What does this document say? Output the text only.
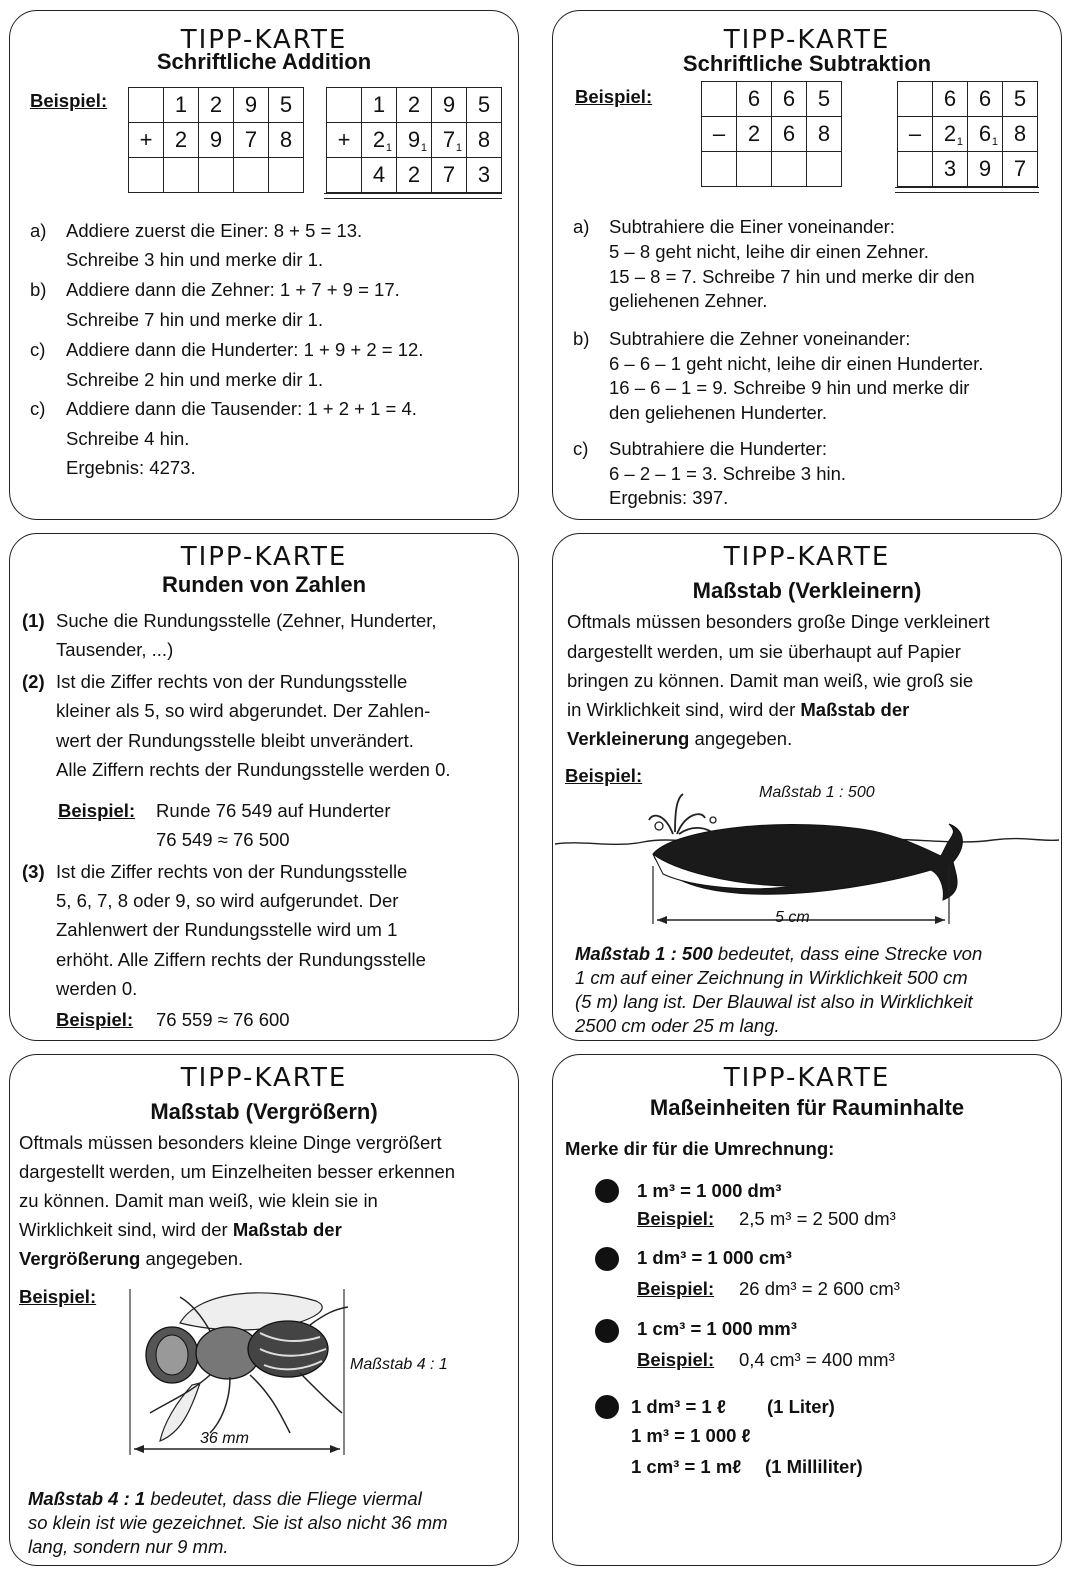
TIPP-KARTE
Schriftliche Addition
Beispiel:
		1	2	9	5
+	2	9	7	8

	1	2	9	5
+	2 1	9 1	7 1	8
	4	2	7	3
a) Addiere zuerst die Einer: 8 + 5 = 13.
Schreibe 3 hin und merke dir 1.
b) Addiere dann die Zehner: 1 + 7 + 9 = 17.
Schreibe 7 hin und merke dir 1.
c) Addiere dann die Hunderter: 1 + 9 + 2 = 12.
Schreibe 2 hin und merke dir 1.
c) Addiere dann die Tausender: 1 + 2 + 1 = 4.
Schreibe 4 hin.
Ergebnis: 4273.
TIPP-KARTE
Schriftliche Subtraktion
Beispiel:
		6	6	5
–	2	6	8

	6	6	5
–	2 1	6 1	8
	3	9	7
a) Subtrahiere die Einer voneinander:
5 – 8 geht nicht, leihe dir einen Zehner.
15 – 8 = 7. Schreibe 7 hin und merke dir den
geliehenen Zehner.
b) Subtrahiere die Zehner voneinander:
6 – 6 – 1 geht nicht, leihe dir einen Hunderter.
16 – 6 – 1 = 9. Schreibe 9 hin und merke dir
den geliehenen Hunderter.
c) Subtrahiere die Hunderter:
6 – 2 – 1 = 3. Schreibe 3 hin.
Ergebnis: 397.
TIPP-KARTE
Runden von Zahlen
(1) Suche die Rundungsstelle (Zehner, Hunderter,
Tausender, ...)
(2) Ist die Ziffer rechts von der Rundungsstelle
kleiner als 5, so wird abgerundet. Der Zahlen-
wert der Rundungsstelle bleibt unverändert.
Alle Ziffern rechts der Rundungsstelle werden 0.
Beispiel: Runde 76 549 auf Hunderter
76 549 ≈ 76 500
(3) Ist die Ziffer rechts von der Rundungsstelle
5, 6, 7, 8 oder 9, so wird aufgerundet. Der
Zahlenwert der Rundungsstelle wird um 1
erhöht. Alle Ziffern rechts der Rundungsstelle
werden 0.
Beispiel: 76 559 ≈ 76 600
TIPP-KARTE
Maßstab (Verkleinern)
Oftmals müssen besonders große Dinge verkleinert
dargestellt werden, um sie überhaupt auf Papier
bringen zu können. Damit man weiß, wie groß sie
in Wirklichkeit sind, wird der Maßstab der
Verkleinerung angegeben.
Beispiel:
Maßstab 1 : 500
5 cm
Maßstab 1 : 500 bedeutet, dass eine Strecke von
1 cm auf einer Zeichnung in Wirklichkeit 500 cm
(5 m) lang ist. Der Blauwal ist also in Wirklichkeit
2500 cm oder 25 m lang.
TIPP-KARTE
Maßstab (Vergrößern)
Oftmals müssen besonders kleine Dinge vergrößert
dargestellt werden, um Einzelheiten besser erkennen
zu können. Damit man weiß, wie klein sie in
Wirklichkeit sind, wird der Maßstab der
Vergrößerung angegeben.
Beispiel:
Maßstab 4 : 1
36 mm
Maßstab 4 : 1 bedeutet, dass die Fliege viermal
so klein ist wie gezeichnet. Sie ist also nicht 36 mm
lang, sondern nur 9 mm.
TIPP-KARTE
Maßeinheiten für Rauminhalte
Merke dir für die Umrechnung:
1 m³ = 1 000 dm³
Beispiel: 2,5 m³ = 2 500 dm³
1 dm³ = 1 000 cm³
Beispiel: 26 dm³ = 2 600 cm³
1 cm³ = 1 000 mm³
Beispiel: 0,4 cm³ = 400 mm³
1 dm³ = 1 ℓ (1 Liter)
1 m³ = 1 000 ℓ
1 cm³ = 1 mℓ (1 Milliliter)
